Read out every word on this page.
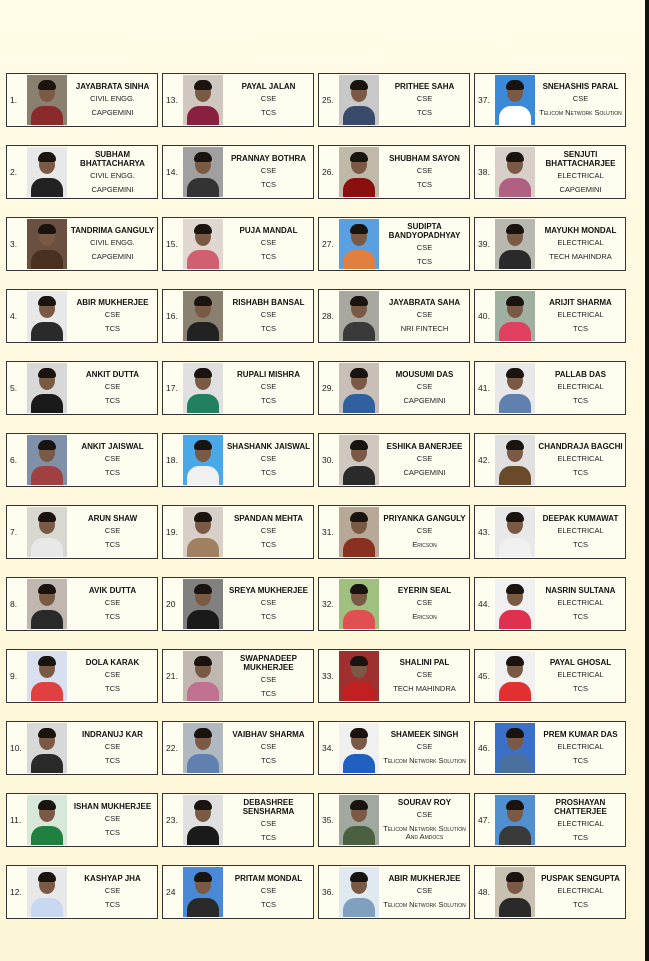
1.
JAYABRATA SINHA
CIVIL ENGG.
CAPGEMINI
13.
PAYAL JALAN
CSE
TCS
25.
PRITHEE SAHA
CSE
TCS
37.
SNEHASHIS PARAL
CSE
Telicom Network Solution
2.
SUBHAM BHATTACHARYA
CIVIL ENGG.
CAPGEMINI
14.
PRANNAY BOTHRA
CSE
TCS
26.
SHUBHAM SAYON
CSE
TCS
38.
SENJUTI BHATTACHARJEE
ELECTRICAL
CAPGEMINI
3.
TANDRIMA GANGULY
CIVIL ENGG.
CAPGEMINI
15.
PUJA MANDAL
CSE
TCS
27.
SUDIPTA BANDYOPADHYAY
CSE
TCS
39.
MAYUKH MONDAL
ELECTRICAL
TECH MAHINDRA
4.
ABIR MUKHERJEE
CSE
TCS
16.
RISHABH BANSAL
CSE
TCS
28.
JAYABRATA SAHA
CSE
NRI FINTECH
40.
ARIJIT SHARMA
ELECTRICAL
TCS
5.
ANKIT DUTTA
CSE
TCS
17.
RUPALI MISHRA
CSE
TCS
29.
MOUSUMI DAS
CSE
CAPGEMINI
41.
PALLAB DAS
ELECTRICAL
TCS
6.
ANKIT JAISWAL
CSE
TCS
18.
SHASHANK JAISWAL
CSE
TCS
30.
ESHIKA BANERJEE
CSE
CAPGEMINI
42.
CHANDRAJA BAGCHI
ELECTRICAL
TCS
7.
ARUN SHAW
CSE
TCS
19.
SPANDAN MEHTA
CSE
TCS
31.
PRIYANKA GANGULY
CSE
Ericson
43.
DEEPAK KUMAWAT
ELECTRICAL
TCS
8.
AVIK DUTTA
CSE
TCS
20
SREYA MUKHERJEE
CSE
TCS
32.
EYERIN SEAL
CSE
Ericson
44.
NASRIN SULTANA
ELECTRICAL
TCS
9.
DOLA KARAK
CSE
TCS
21.
SWAPNADEEP MUKHERJEE
CSE
TCS
33.
SHALINI PAL
CSE
TECH MAHINDRA
45.
PAYAL GHOSAL
ELECTRICAL
TCS
10.
INDRANUJ KAR
CSE
TCS
22.
VAIBHAV SHARMA
CSE
TCS
34.
SHAMEEK SINGH
CSE
Telicom Network Solution
46.
PREM KUMAR DAS
ELECTRICAL
TCS
11.
ISHAN MUKHERJEE
CSE
TCS
23.
DEBASHREE SENSHARMA
CSE
TCS
35.
SOURAV ROY
CSE
Telicom Network Solution And Amdocs
47.
PROSHAYAN CHATTERJEE
ELECTRICAL
TCS
12.
KASHYAP JHA
CSE
TCS
24
PRITAM MONDAL
CSE
TCS
36.
ABIR MUKHERJEE
CSE
Telicom Network Solution
48.
PUSPAK SENGUPTA
ELECTRICAL
TCS
